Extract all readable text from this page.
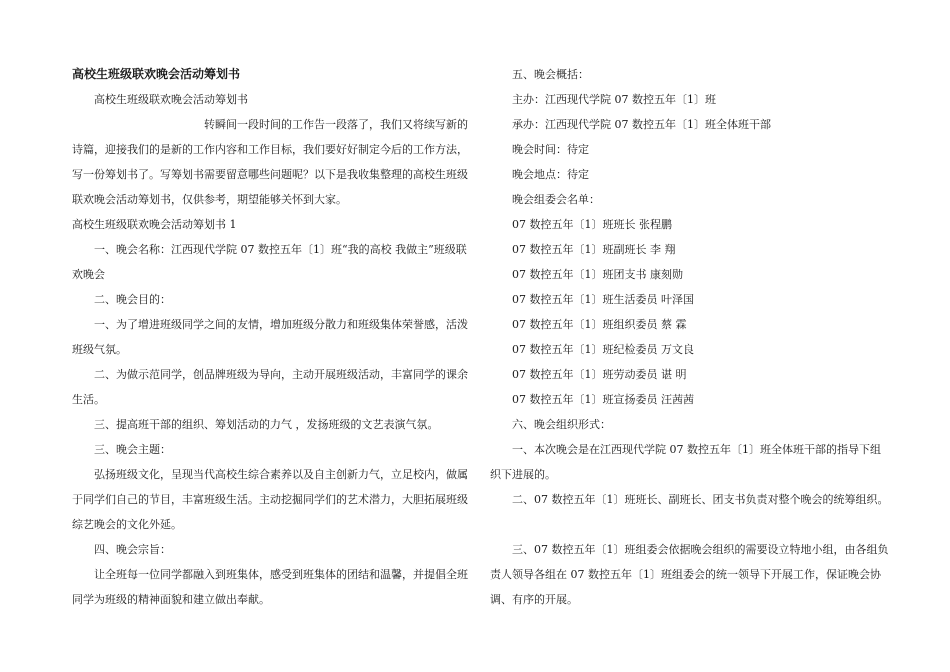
高校生班级联欢晚会活动筹划书

高校生班级联欢晚会活动筹划书

转瞬间一段时间的工作告一段落了，我们又将续写新的诗篇，迎接我们的是新的工作内容和工作目标，我们要好好制定今后的工作方法，写一份筹划书了。写筹划书需要留意哪些问题呢？以下是我收集整理的高校生班级联欢晚会活动筹划书，仅供参考，期望能够关怀到大家。

高校生班级联欢晚会活动筹划书 1

一、晚会名称：江西现代学院 07 数控五年〔1〕班“我的高校 我做主”班级联欢晚会

二、晚会目的：

一、为了增进班级同学之间的友情，增加班级分散力和班级集体荣誉感，活泼班级气氛。

二、为做示范同学，创品牌班级为导向，主动开展班级活动，丰富同学的课余生活。

三、提高班干部的组织、筹划活动的力气 ，发扬班级的文艺表演气氛。

三、晚会主题：

弘扬班级文化，呈现当代高校生综合素养以及自主创新力气，立足校内，做属于同学们自己的节目，丰富班级生活。主动挖掘同学们的艺术潜力，大胆拓展班级综艺晚会的文化外延。

四、晚会宗旨：

让全班每一位同学都融入到班集体，感受到班集体的团结和温馨，并提倡全班同学为班级的精神面貌和建立做出奉献。

五、晚会概括：

主办：江西现代学院 07 数控五年〔1〕班

承办：江西现代学院 07 数控五年〔1〕班全体班干部

晚会时间：待定

晚会地点：待定

晚会组委会名单：

07 数控五年〔1〕班班长 张程鹏

07 数控五年〔1〕班副班长 李 翔

07 数控五年〔1〕班团支书 康刻勋

07 数控五年〔1〕班生活委员 叶泽国

07 数控五年〔1〕班组织委员 蔡 霖

07 数控五年〔1〕班纪检委员 万文良

07 数控五年〔1〕班劳动委员 谌 明

07 数控五年〔1〕班宣扬委员 汪茜茜

六、晚会组织形式：

一、本次晚会是在江西现代学院 07 数控五年〔1〕班全体班干部的指导下组织下进展的。

二、07 数控五年〔1〕班班长、副班长、团支书负责对整个晚会的统筹组织。

三、07 数控五年〔1〕班组委会依据晚会组织的需要设立特地小组，由各组负责人领导各组在 07 数控五年〔1〕班组委会的统一领导下开展工作，保证晚会协调、有序的开展。
